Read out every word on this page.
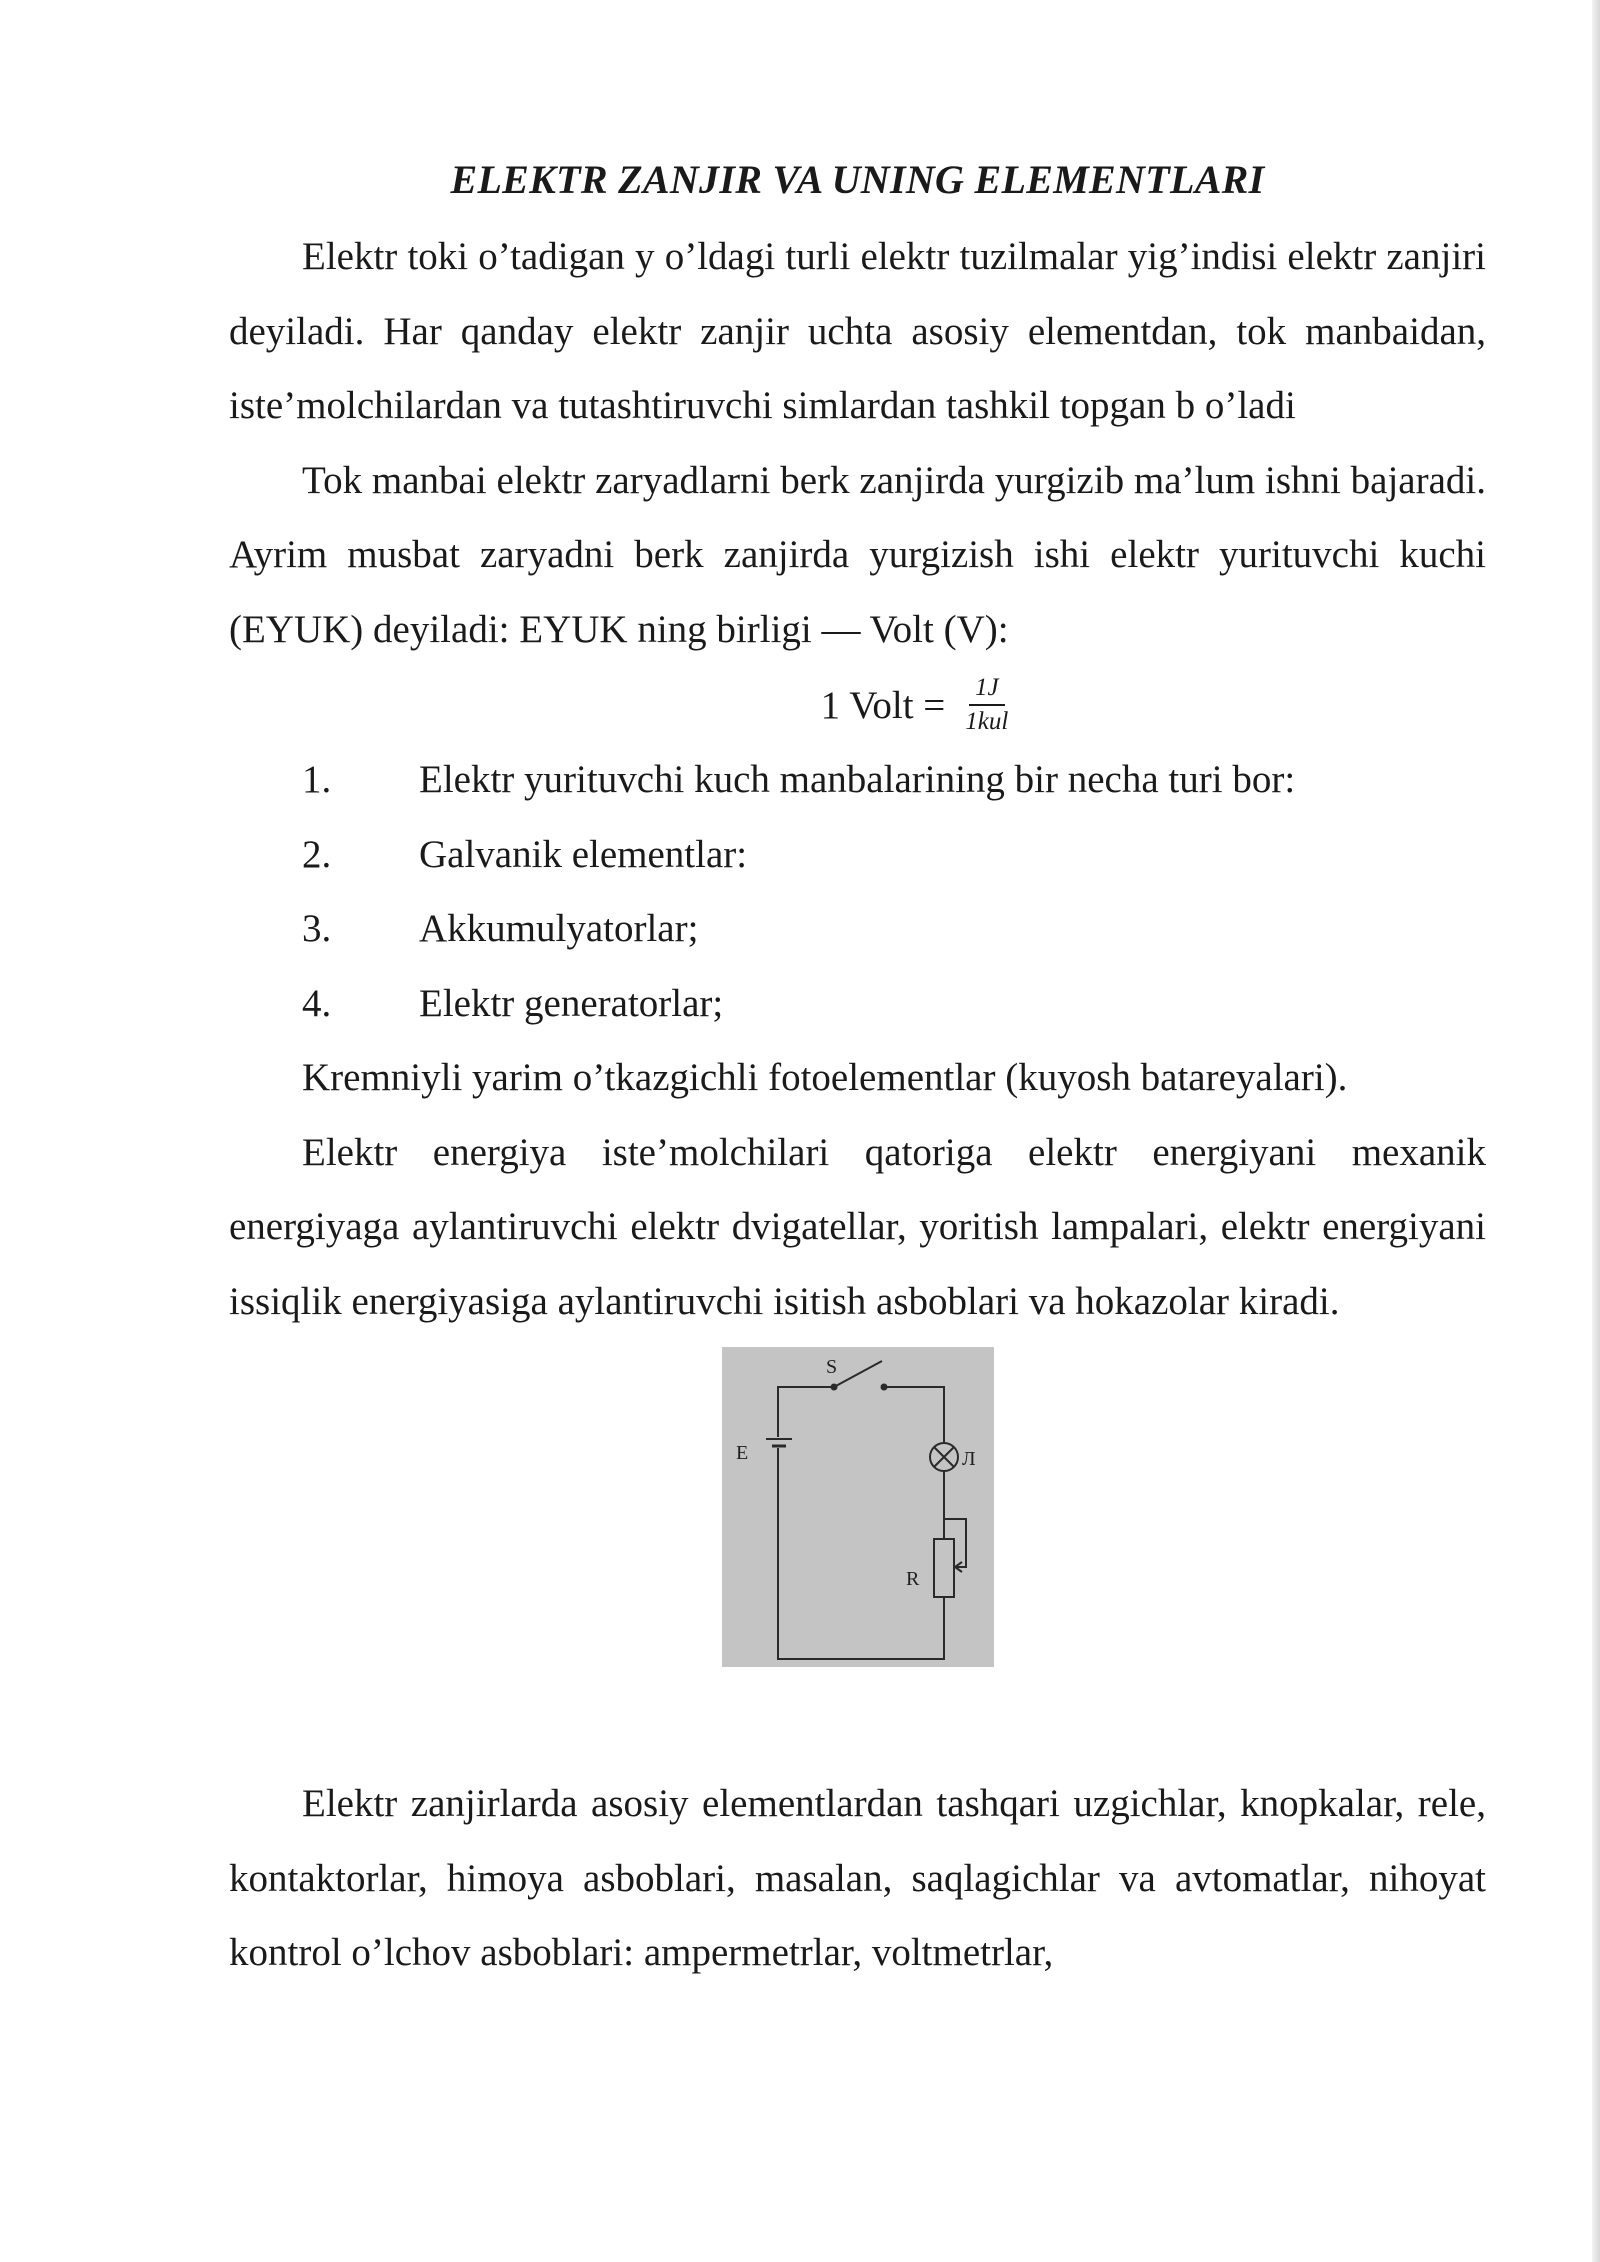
ELEKTR ZANJIR VA UNING ELEMENTLARI

Elektr toki o’tadigan y o’ldagi turli elektr tuzilmalar yig’indisi elektr zanjiri deyiladi. Har qanday elektr zanjir uchta asosiy elementdan, tok manbaidan, iste’molchilardan va tutashtiruvchi simlardan tashkil topgan b o’ladi

Tok manbai elektr zaryadlarni berk zanjirda yurgizib ma’lum ishni bajaradi. Ayrim musbat zaryadni berk zanjirda yurgizish ishi elektr yurituvchi kuchi (EYUK) deyiladi: EYUK ning birligi — Volt (V):

1 Volt = $\frac{1J}{\text{1kul}}$
1.	Elektr yurituvchi kuch manbalarining bir necha turi bor:
2.	Galvanik elementlar:
3.	Akkumulyatorlar;
4.	Elektr generatorlar;

Kremniyli yarim o’tkazgichli fotoelementlar (kuyosh batareyalari).

Elektr energiya iste’molchilari qatoriga elektr energiyani mexanik energiyaga aylantiruvchi elektr dvigatellar, yoritish lampalari, elektr energiyani issiqlik energiyasiga aylantiruvchi isitish asboblari va hokazolar kiradi.

S
E	Л
R

Elektr zanjirlarda asosiy elementlardan tashqari uzgichlar, knopkalar, rele, kontaktorlar, himoya asboblari, masalan, saqlagichlar va avtomatlar, nihoyat kontrol o’lchov asboblari: ampermetrlar, voltmetrlar,
